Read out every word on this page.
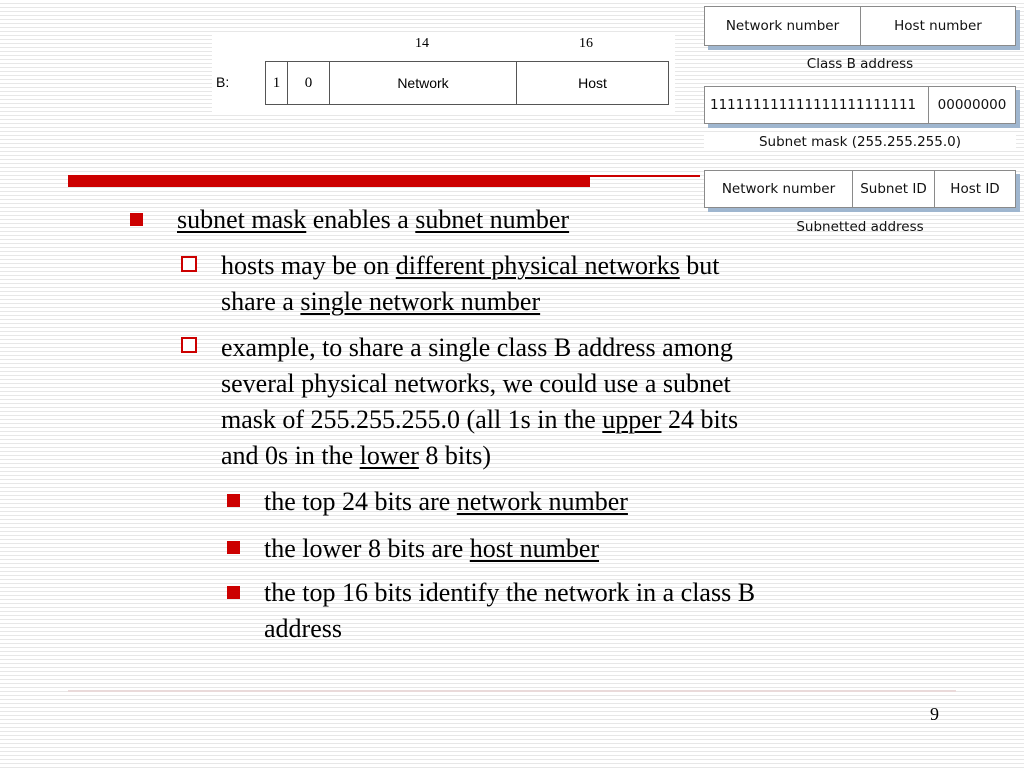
B:
14	16
1	0	Network	Host
Network number	Host number
Class B address
111111111111111111111111	00000000
Subnet mask (255.255.255.0)
Network number	Subnet ID	Host ID
Subnetted address
subnet mask enables a subnet number
hosts may be on different physical networks but
share a single network number
example, to share a single class B address among
several physical networks, we could use a subnet
mask of 255.255.255.0 (all 1s in the upper 24 bits
and 0s in the lower 8 bits)
the top 24 bits are network number
the lower 8 bits are host number
the top 16 bits identify the network in a class B
address
9
